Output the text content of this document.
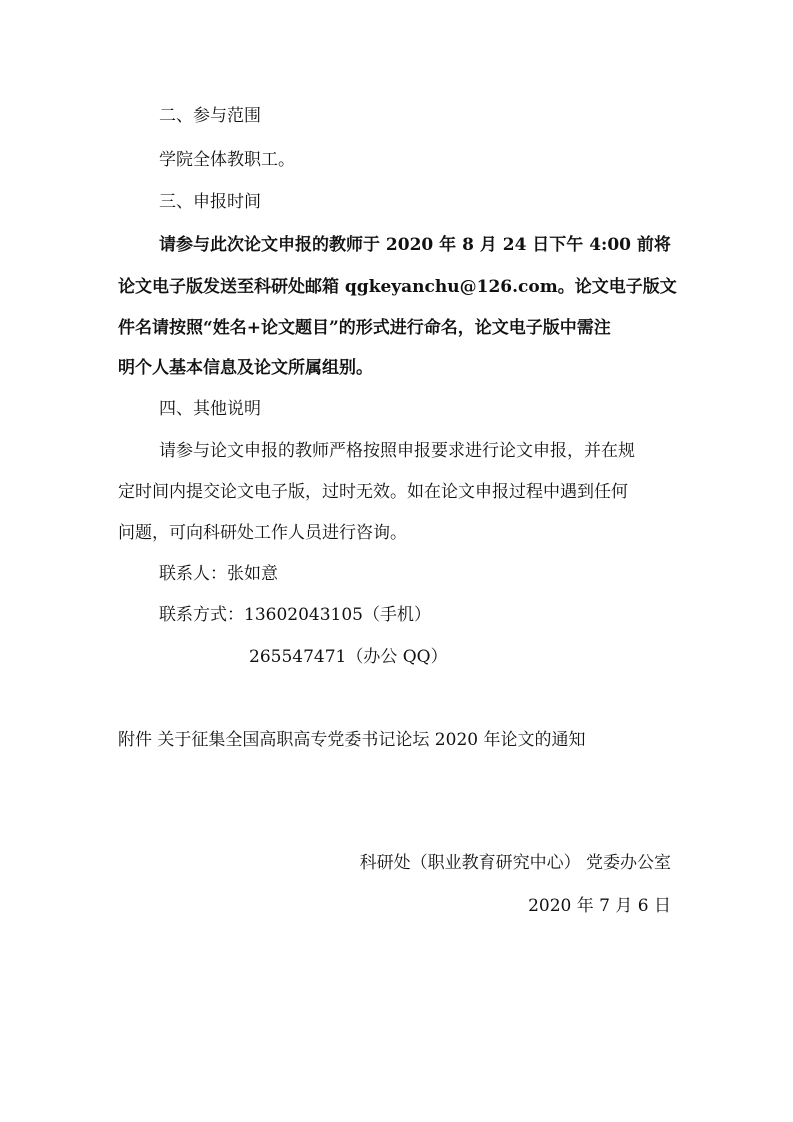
二、参与范围
学院全体教职工。
三、申报时间
请参与此次论文申报的教师于 2020 年 8 月 24 日下午 4:00 前将
论文电子版发送至科研处邮箱 qgkeyanchu@126.com。论文电子版文
件名请按照“姓名+论文题目”的形式进行命名，论文电子版中需注
明个人基本信息及论文所属组别。
四、其他说明
请参与论文申报的教师严格按照申报要求进行论文申报，并在规
定时间内提交论文电子版，过时无效。如在论文申报过程中遇到任何
问题，可向科研处工作人员进行咨询。
联系人：张如意
联系方式：13602043105（手机）
265547471（办公 QQ）
附件 关于征集全国高职高专党委书记论坛 2020 年论文的通知
科研处（职业教育研究中心） 党委办公室
2020 年 7 月 6 日
